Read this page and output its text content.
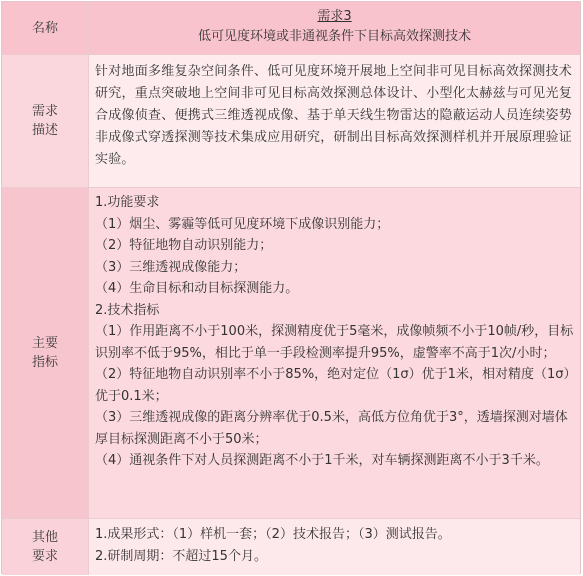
名称
需求3
低可见度环境或非通视条件下目标高效探测技术
需求
描述
针对地面多维复杂空间条件、低可见度环境开展地上空间非可见目标高效探测技术研究，重点突破地上空间非可见目标高效探测总体设计、小型化太赫兹与可见光复合成像侦查、便携式三维透视成像、基于单天线生物雷达的隐蔽运动人员连续姿势非成像式穿透探测等技术集成应用研究，研制出目标高效探测样机并开展原理验证实验。
主要
指标
1.功能要求
（1）烟尘、雾霾等低可见度环境下成像识别能力；
（2）特征地物自动识别能力；
（3）三维透视成像能力；
（4）生命目标和动目标探测能力。
2.技术指标
（1）作用距离不小于100米，探测精度优于5毫米，成像帧频不小于10帧/秒，目标识别率不低于95%，相比于单一手段检测率提升95%，虚警率不高于1次/小时；
（2）特征地物自动识别率不小于85%，绝对定位（1σ）优于1米，相对精度（1σ）优于0.1米；
（3）三维透视成像的距离分辨率优于0.5米，高低方位角优于3°，透墙探测对墙体厚目标探测距离不小于50米；
（4）通视条件下对人员探测距离不小于1千米，对车辆探测距离不小于3千米。
其他
要求
1.成果形式：（1）样机一套；（2）技术报告；（3）测试报告。
2.研制周期：不超过15个月。
